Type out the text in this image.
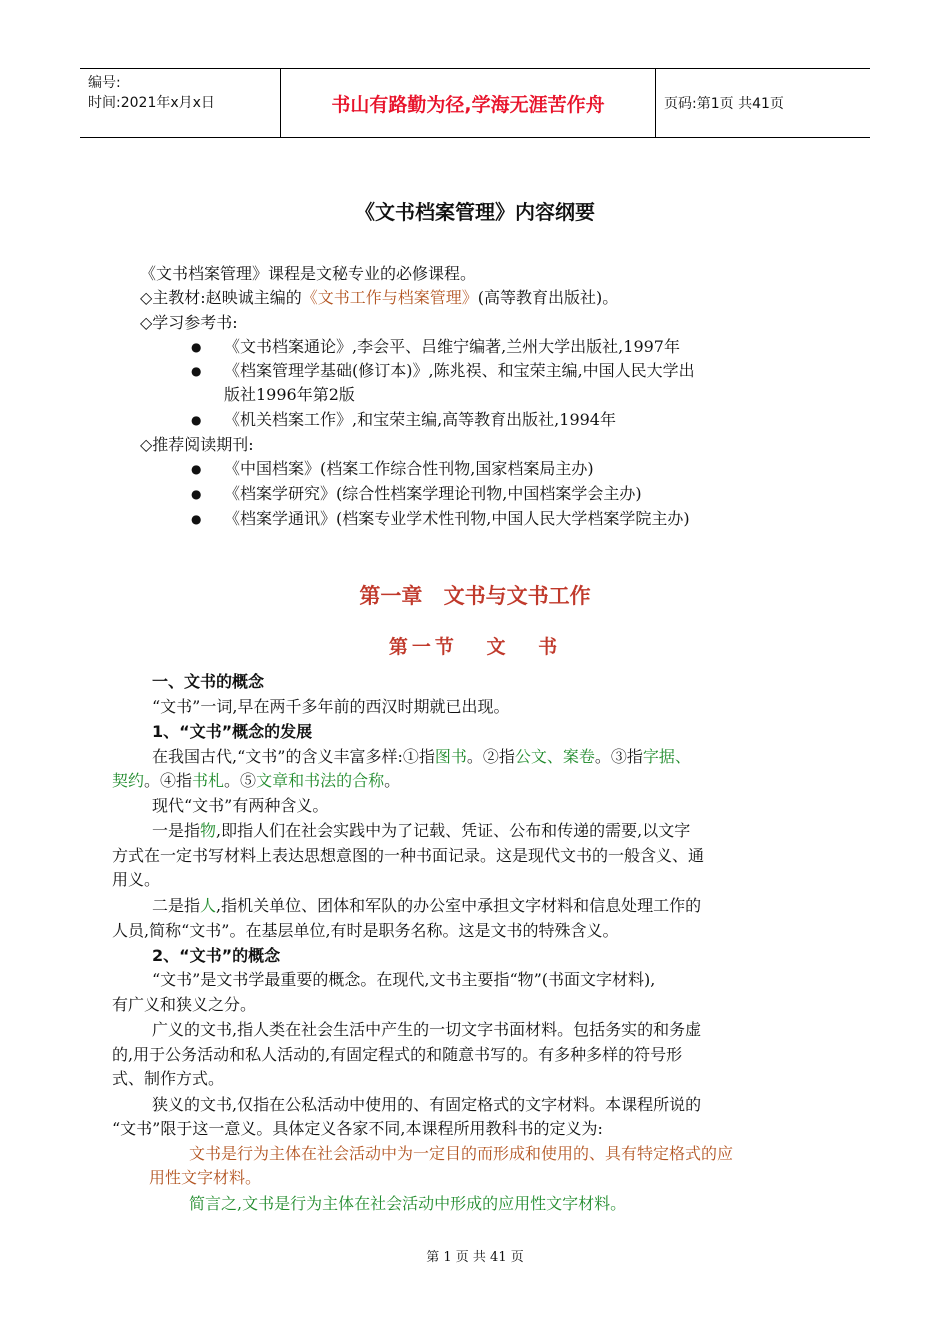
编号:
时间:2021年x月x日	书山有路勤为径,学海无涯苦作舟	页码:第1页 共41页
《文书档案管理》内容纲要
《文书档案管理》课程是文秘专业的必修课程。
◇主教材:赵映诚主编的《文书工作与档案管理》(高等教育出版社)。
◇学习参考书:
● 《文书档案通论》,李会平、吕维宁编著,兰州大学出版社,1997年
● 《档案管理学基础(修订本)》,陈兆祦、和宝荣主编,中国人民大学出
版社1996年第2版
● 《机关档案工作》,和宝荣主编,高等教育出版社,1994年
◇推荐阅读期刊:
● 《中国档案》(档案工作综合性刊物,国家档案局主办)
● 《档案学研究》(综合性档案学理论刊物,中国档案学会主办)
● 《档案学通讯》(档案专业学术性刊物,中国人民大学档案学院主办)
第一章 文书与文书工作
第一节 文 书
一、文书的概念
“文书”一词,早在两千多年前的西汉时期就已出现。
1、“文书”概念的发展
在我国古代,“文书”的含义丰富多样:①指图书。②指公文、案卷。③指字据、
契约。④指书札。⑤文章和书法的合称。
现代“文书”有两种含义。
一是指物,即指人们在社会实践中为了记载、凭证、公布和传递的需要,以文字
方式在一定书写材料上表达思想意图的一种书面记录。这是现代文书的一般含义、通
用义。
二是指人,指机关单位、团体和军队的办公室中承担文字材料和信息处理工作的
人员,简称“文书”。在基层单位,有时是职务名称。这是文书的特殊含义。
2、“文书”的概念
“文书”是文书学最重要的概念。在现代,文书主要指“物”(书面文字材料),
有广义和狭义之分。
广义的文书,指人类在社会生活中产生的一切文字书面材料。包括务实的和务虚
的,用于公务活动和私人活动的,有固定程式的和随意书写的。有多种多样的符号形
式、制作方式。
狭义的文书,仅指在公私活动中使用的、有固定格式的文字材料。本课程所说的
“文书”限于这一意义。具体定义各家不同,本课程所用教科书的定义为:
文书是行为主体在社会活动中为一定目的而形成和使用的、具有特定格式的应
用性文字材料。
简言之,文书是行为主体在社会活动中形成的应用性文字材料。
第 1 页 共 41 页
